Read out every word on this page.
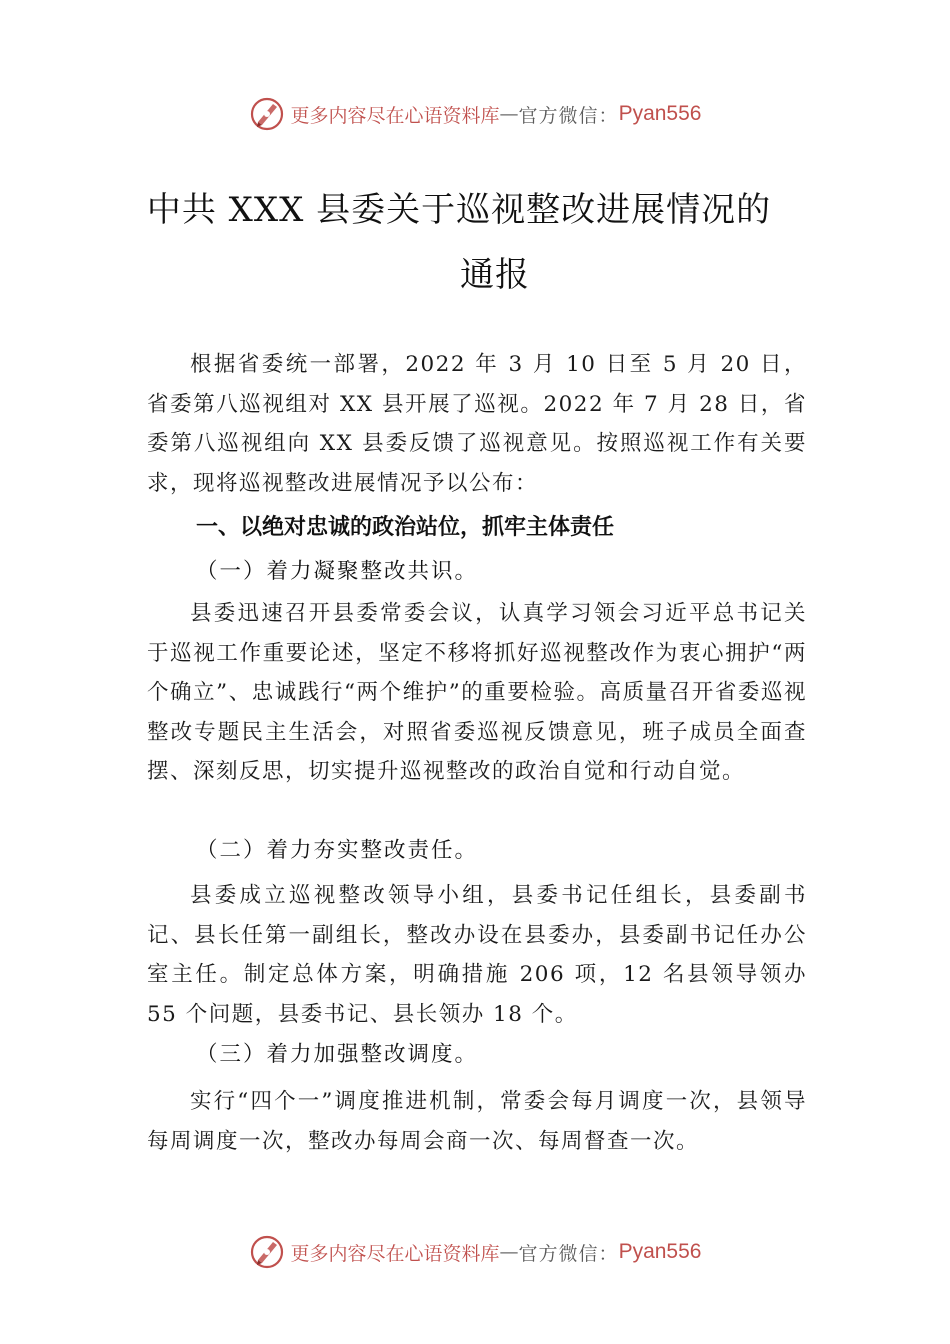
更多内容尽在心语资料库 — 官方微信： Pyan556
中共 XXX 县委关于巡视整改进展情况的
通报

根据省委统一部署，2022 年 3 月 10 日至 5 月 20 日，省委第八巡视组对 XX 县开展了巡视。2022 年 7 月 28 日，省委第八巡视组向 XX 县委反馈了巡视意见。按照巡视工作有关要求，现将巡视整改进展情况予以公布：

一、以绝对忠诚的政治站位，抓牢主体责任
（一）着力凝聚整改共识。

县委迅速召开县委常委会议，认真学习领会习近平总书记关于巡视工作重要论述，坚定不移将抓好巡视整改作为衷心拥护“两个确立”、忠诚践行“两个维护”的重要检验。高质量召开省委巡视整改专题民主生活会，对照省委巡视反馈意见，班子成员全面查摆、深刻反思，切实提升巡视整改的政治自觉和行动自觉。

（二）着力夯实整改责任。

县委成立巡视整改领导小组，县委书记任组长，县委副书记、县长任第一副组长，整改办设在县委办，县委副书记任办公室主任。制定总体方案，明确措施 206 项，12 名县领导领办 55 个问题，县委书记、县长领办 18 个。

（三）着力加强整改调度。

实行“四个一”调度推进机制，常委会每月调度一次，县领导每周调度一次，整改办每周会商一次、每周督查一次。

更多内容尽在心语资料库 — 官方微信： Pyan556
